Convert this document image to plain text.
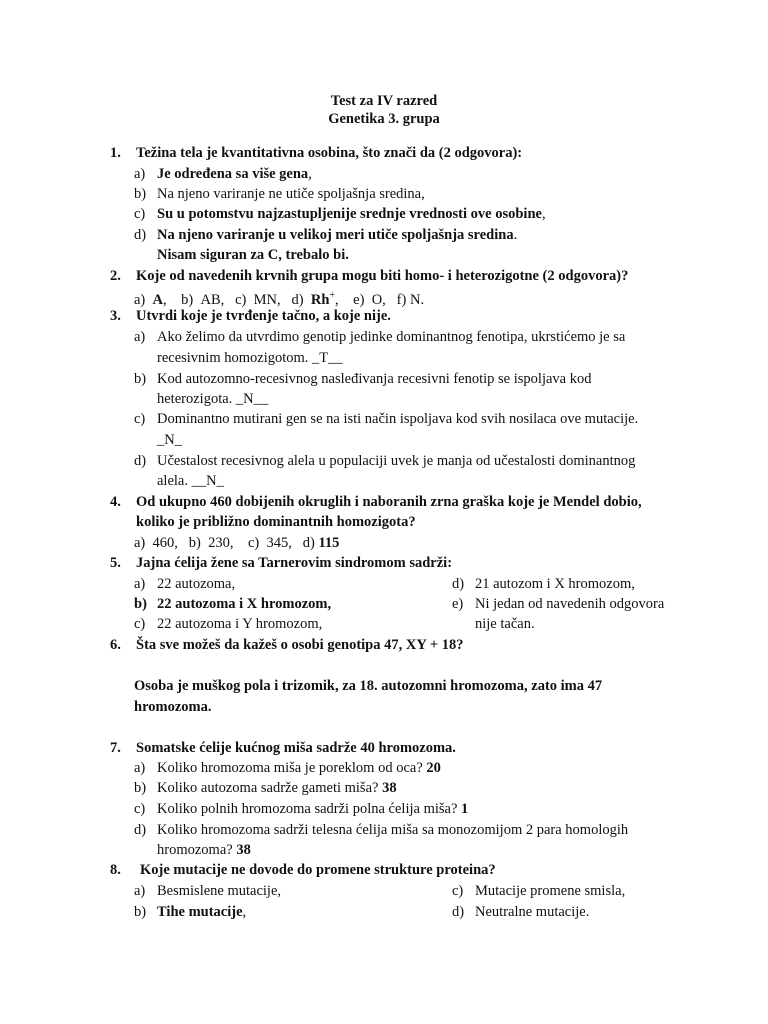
Test za IV razred
Genetika 3. grupa
1. Težina tela je kvantitativna osobina, što znači da (2 odgovora):
a) Je određena sa više gena,
b) Na njeno variranje ne utiče spoljašnja sredina,
c) Su u potomstvu najzastupljenije srednje vrednosti ove osobine,
d) Na njeno variranje u velikoj meri utiče spoljašnja sredina.
Nisam siguran za C, trebalo bi.
2. Koje od navedenih krvnih grupa mogu biti homo- i heterozigotne (2 odgovora)?
a) A, b) AB, c) MN, d) Rh+, e) O, f) N.
3. Utvrdi koje je tvrđenje tačno, a koje nije.
a) Ako želimo da utvrdimo genotip jedinke dominantnog fenotipa, ukrstićemo je sa
recesivnim homozigotom. _T__
b) Kod autozomno-recesivnog nasleđivanja recesivni fenotip se ispoljava kod
heterozigota. _N__
c) Dominantno mutirani gen se na isti način ispoljava kod svih nosilaca ove mutacije.
_N_
d) Učestalost recesivnog alela u populaciji uvek je manja od učestalosti dominantnog
alela. __N_
4. Od ukupno 460 dobijenih okruglih i naboranih zrna graška koje je Mendel dobio,
koliko je približno dominantnih homozigota?
a) 460, b) 230, c) 345, d) 115
5. Jajna ćelija žene sa Tarnerovim sindromom sadrži:
a) 22 autozoma,
b) 22 autozoma i X hromozom,
c) 22 autozoma i Y hromozom,
d) 21 autozom i X hromozom,
e) Ni jedan od navedenih odgovora
nije tačan.
6. Šta sve možeš da kažeš o osobi genotipa 47, XY + 18?
Osoba je muškog pola i trizomik, za 18. autozomni hromozoma, zato ima 47
hromozoma.
7. Somatske ćelije kućnog miša sadrže 40 hromozoma.
a) Koliko hromozoma miša je poreklom od oca? 20
b) Koliko autozoma sadrže gameti miša? 38
c) Koliko polnih hromozoma sadrži polna ćelija miša? 1
d) Koliko hromozoma sadrži telesna ćelija miša sa monozomijom 2 para homologih
hromozoma? 38
8. Koje mutacije ne dovode do promene strukture proteina?
a) Besmislene mutacije,
b) Tihe mutacije,
c) Mutacije promene smisla,
d) Neutralne mutacije.
